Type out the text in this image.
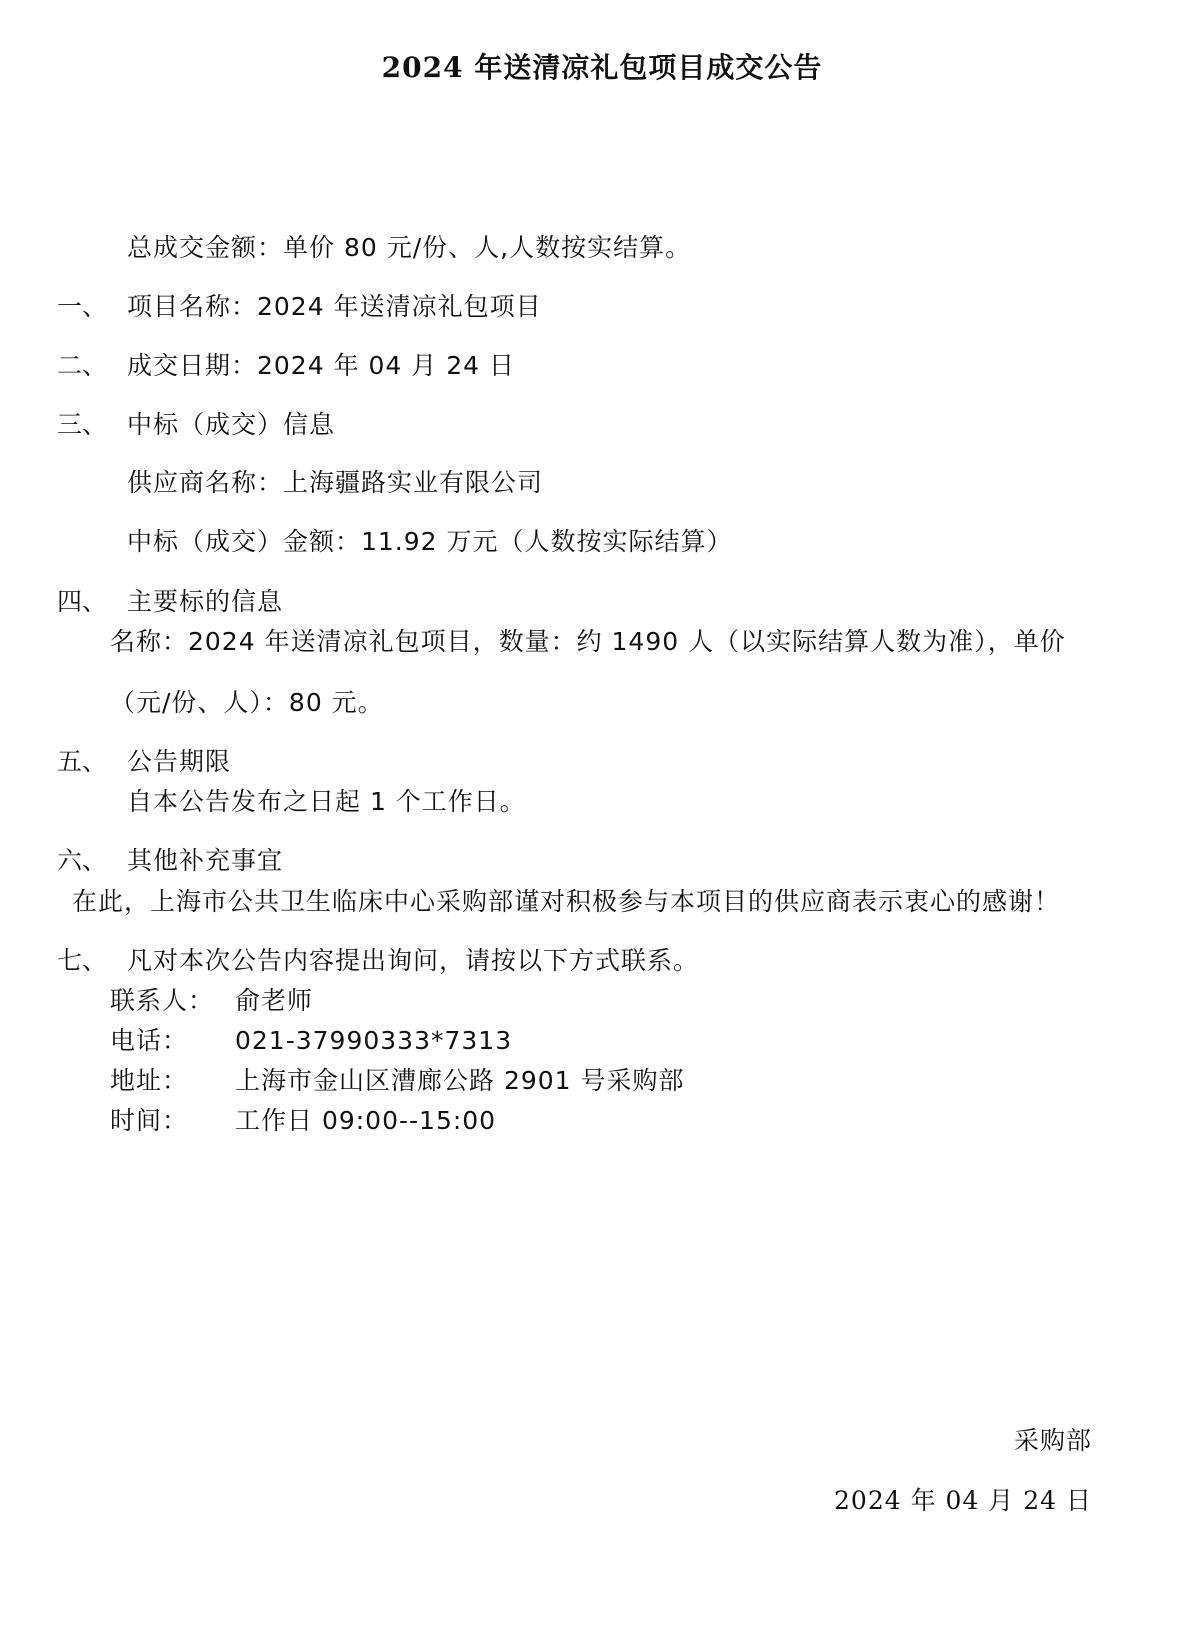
2024 年送清凉礼包项目成交公告
总成交金额：单价 80 元/份、人,人数按实结算。
一、 项目名称：2024 年送清凉礼包项目
二、 成交日期：2024 年 04 月 24 日
三、 中标（成交）信息
供应商名称：上海疆路实业有限公司
中标（成交）金额：11.92 万元（人数按实际结算）
四、 主要标的信息
名称：2024 年送清凉礼包项目，数量：约 1490 人（以实际结算人数为准），单价
（元/份、人）：80 元。
五、 公告期限
自本公告发布之日起 1 个工作日。
六、 其他补充事宜
在此，上海市公共卫生临床中心采购部谨对积极参与本项目的供应商表示衷心的感谢！
七、 凡对本次公告内容提出询问，请按以下方式联系。
联系人： 俞老师
电话： 021-37990333*7313
地址： 上海市金山区漕廊公路 2901 号采购部
时间： 工作日 09:00--15:00
采购部
2024 年 04 月 24 日
